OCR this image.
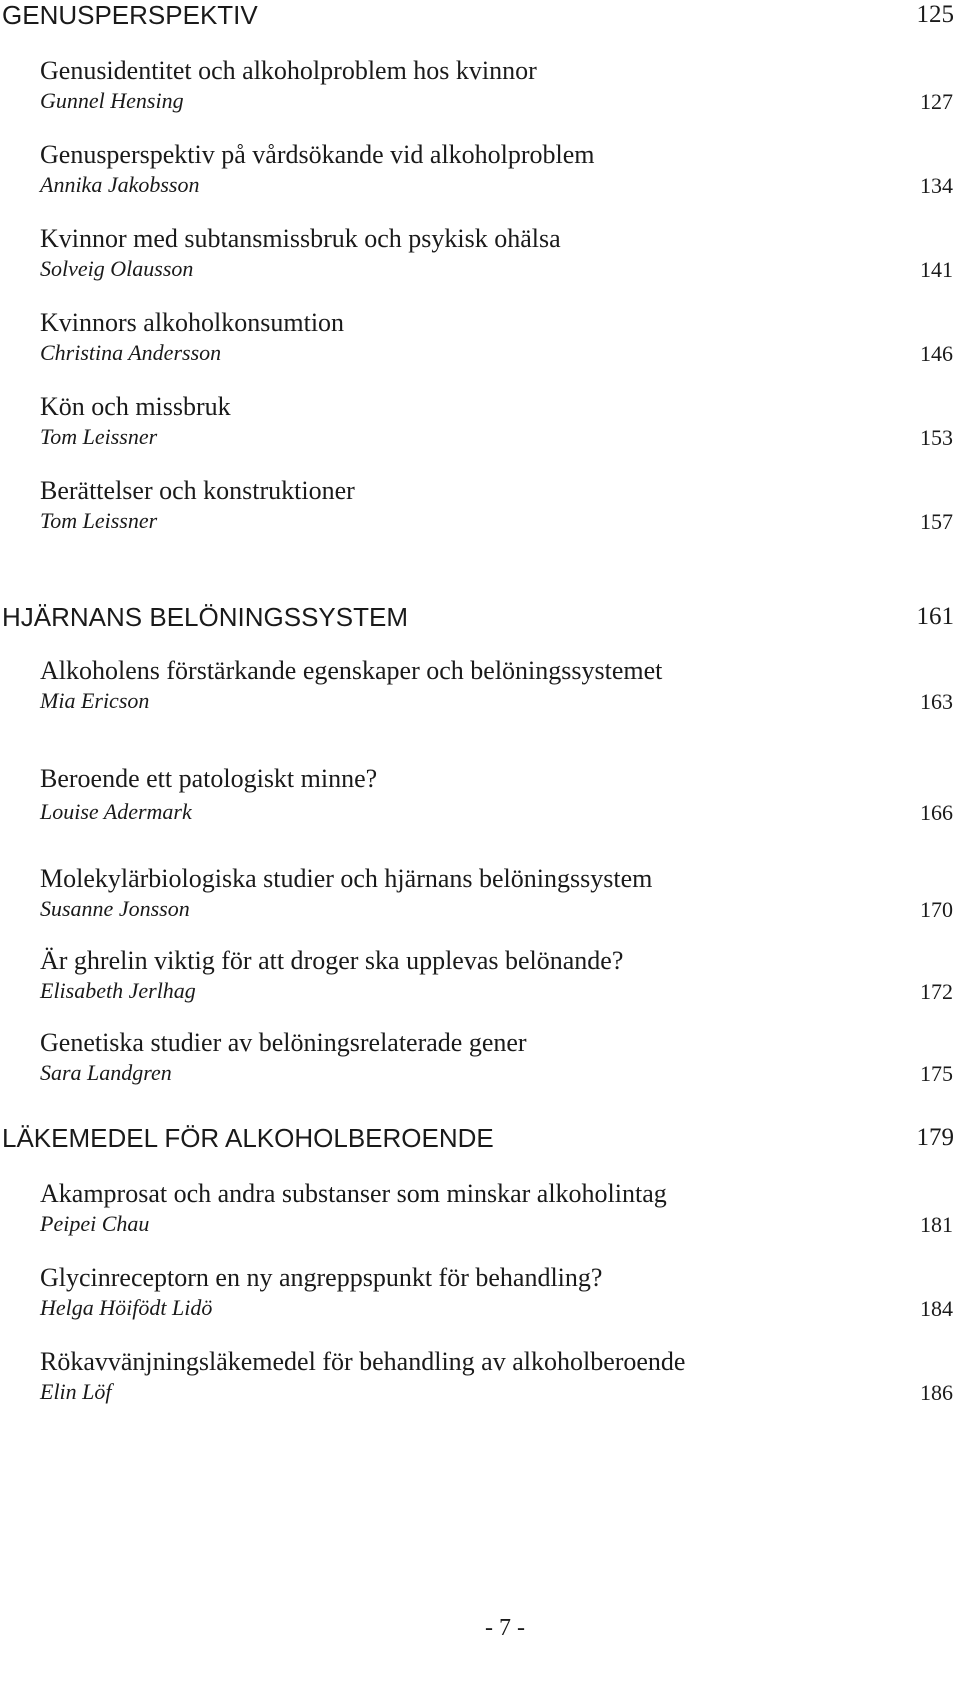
GENUSPERSPEKTIV	125
Genusidentitet och alkoholproblem hos kvinnor
Gunnel Hensing	127
Genusperspektiv på vårdsökande vid alkoholproblem
Annika Jakobsson	134
Kvinnor med subtansmissbruk och psykisk ohälsa
Solveig Olausson	141
Kvinnors alkoholkonsumtion
Christina Andersson	146
Kön och missbruk
Tom Leissner	153
Berättelser och konstruktioner
Tom Leissner	157
HJÄRNANS BELÖNINGSSYSTEM	161
Alkoholens förstärkande egenskaper och belöningssystemet
Mia Ericson	163
Beroende ett patologiskt minne?
Louise Adermark	166
Molekylärbiologiska studier och hjärnans belöningssystem
Susanne Jonsson	170
Är ghrelin viktig för att droger ska upplevas belönande?
Elisabeth Jerlhag	172
Genetiska studier av belöningsrelaterade gener
Sara Landgren	175
LÄKEMEDEL FÖR ALKOHOLBEROENDE	179
Akamprosat och andra substanser som minskar alkoholintag
Peipei Chau	181
Glycinreceptorn en ny angreppspunkt för behandling?
Helga Höifödt Lidö	184
Rökavvänjningsläkemedel för behandling av alkoholberoende
Elin Löf	186
- 7 -
